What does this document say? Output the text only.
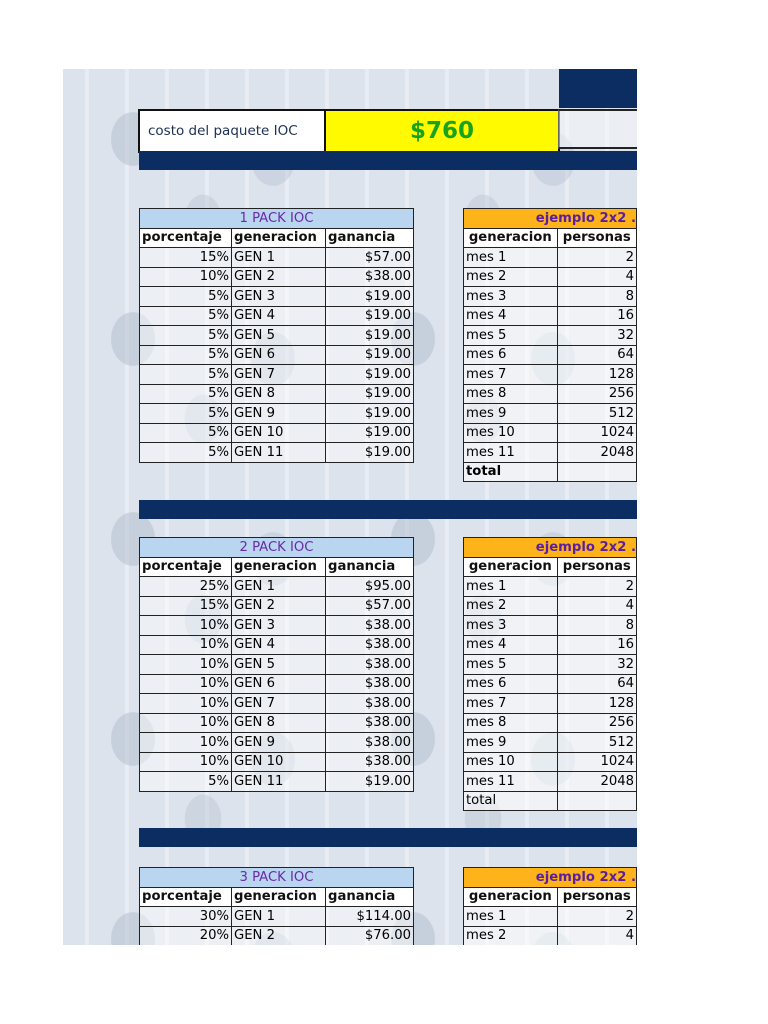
costo del paquete IOC	$760
1 PACK IOC		
porcentaje	generacion	ganancia
15%	GEN 1	$57.00
10%	GEN 2	$38.00
5%	GEN 3	$19.00
5%	GEN 4	$19.00
5%	GEN 5	$19.00
5%	GEN 6	$19.00
5%	GEN 7	$19.00
5%	GEN 8	$19.00
5%	GEN 9	$19.00
5%	GEN 10	$19.00
5%	GEN 11	$19.00
ejemplo 2x2 .	
generacion	personas
mes 1	2
mes 2	4
mes 3	8
mes 4	16
mes 5	32
mes 6	64
mes 7	128
mes 8	256
mes 9	512
mes 10	1024
mes 11	2048
total	
2 PACK IOC		
porcentaje	generacion	ganancia
25%	GEN 1	$95.00
15%	GEN 2	$57.00
10%	GEN 3	$38.00
10%	GEN 4	$38.00
10%	GEN 5	$38.00
10%	GEN 6	$38.00
10%	GEN 7	$38.00
10%	GEN 8	$38.00
10%	GEN 9	$38.00
10%	GEN 10	$38.00
5%	GEN 11	$19.00
ejemplo 2x2 .	
generacion	personas
mes 1	2
mes 2	4
mes 3	8
mes 4	16
mes 5	32
mes 6	64
mes 7	128
mes 8	256
mes 9	512
mes 10	1024
mes 11	2048
total	
3 PACK IOC		
porcentaje	generacion	ganancia
30%	GEN 1	$114.00
20%	GEN 2	$76.00
ejemplo 2x2 .	
generacion	personas
mes 1	2
mes 2	4
